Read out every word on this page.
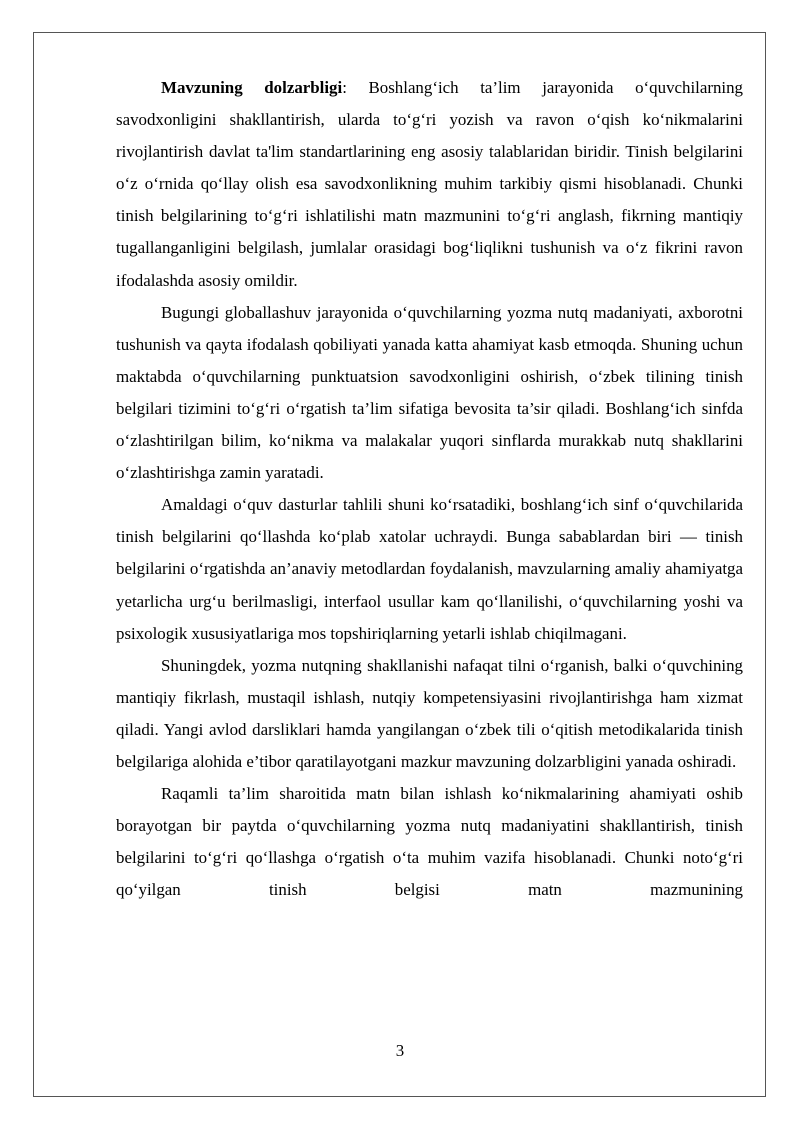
Mavzuning dolzarbligi: Boshlang‘ich ta’lim jarayonida o‘quvchilarning savodxonligini shakllantirish, ularda to‘g‘ri yozish va ravon o‘qish ko‘nikmalarini rivojlantirish davlat ta'lim standartlarining eng asosiy talablaridan biridir. Tinish belgilarini o‘z o‘rnida qo‘llay olish esa savodxonlikning muhim tarkibiy qismi hisoblanadi. Chunki tinish belgilarining to‘g‘ri ishlatilishi matn mazmunini to‘g‘ri anglash, fikrning mantiqiy tugallanganligini belgilash, jumlalar orasidagi bog‘liqlikni tushunish va o‘z fikrini ravon ifodalashda asosiy omildir.

Bugungi globallashuv jarayonida o‘quvchilarning yozma nutq madaniyati, axborotni tushunish va qayta ifodalash qobiliyati yanada katta ahamiyat kasb etmoqda. Shuning uchun maktabda o‘quvchilarning punktuatsion savodxonligini oshirish, o‘zbek tilining tinish belgilari tizimini to‘g‘ri o‘rgatish ta’lim sifatiga bevosita ta’sir qiladi. Boshlang‘ich sinfda o‘zlashtirilgan bilim, ko‘nikma va malakalar yuqori sinflarda murakkab nutq shakllarini o‘zlashtirishga zamin yaratadi.

Amaldagi o‘quv dasturlar tahlili shuni ko‘rsatadiki, boshlang‘ich sinf o‘quvchilarida tinish belgilarini qo‘llashda ko‘plab xatolar uchraydi. Bunga sabablardan biri — tinish belgilarini o‘rgatishda an’anaviy metodlardan foydalanish, mavzularning amaliy ahamiyatga yetarlicha urg‘u berilmasligi, interfaol usullar kam qo‘llanilishi, o‘quvchilarning yoshi va psixologik xususiyatlariga mos topshiriqlarning yetarli ishlab chiqilmagani.

Shuningdek, yozma nutqning shakllanishi nafaqat tilni o‘rganish, balki o‘quvchining mantiqiy fikrlash, mustaqil ishlash, nutqiy kompetensiyasini rivojlantirishga ham xizmat qiladi. Yangi avlod darsliklari hamda yangilangan o‘zbek tili o‘qitish metodikalarida tinish belgilariga alohida e’tibor qaratilayotgani mazkur mavzuning dolzarbligini yanada oshiradi.

Raqamli ta’lim sharoitida matn bilan ishlash ko‘nikmalarining ahamiyati oshib borayotgan bir paytda o‘quvchilarning yozma nutq madaniyatini shakllantirish, tinish belgilarini to‘g‘ri qo‘llashga o‘rgatish o‘ta muhim vazifa hisoblanadi. Chunki noto‘g‘ri qo‘yilgan tinish belgisi matn mazmunining

3
